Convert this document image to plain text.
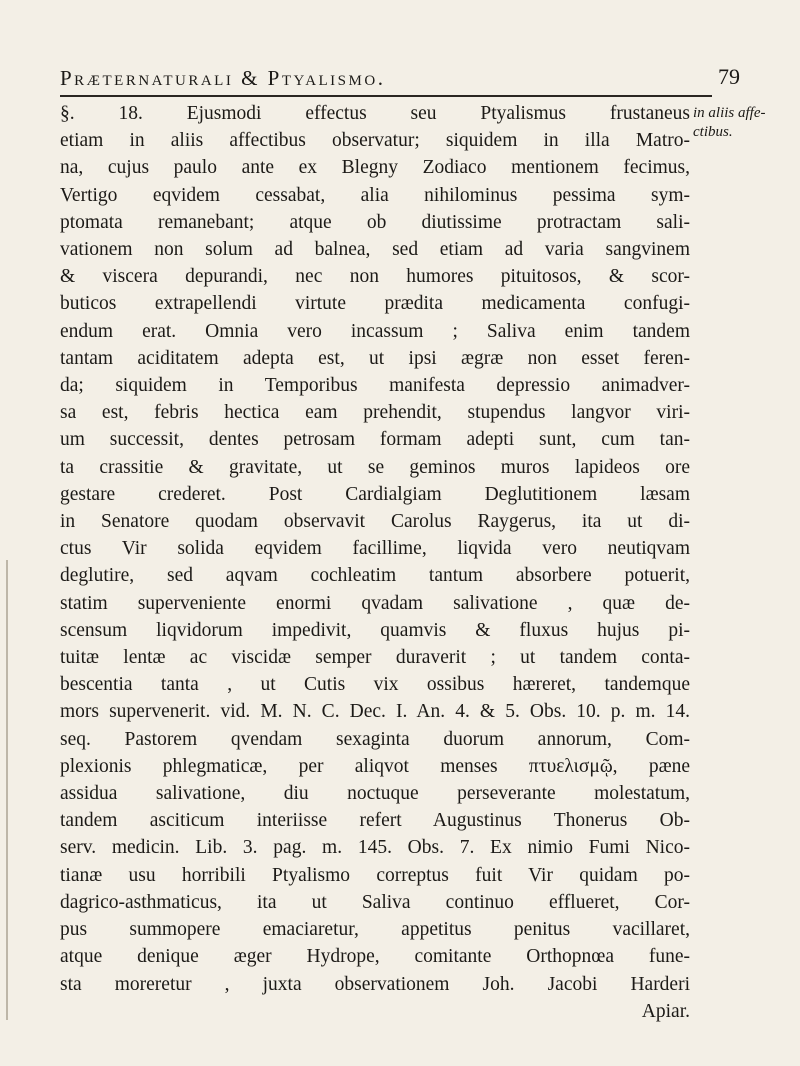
Præternaturali & Ptyalismo.	79
in aliis affe-
ctibus.
§. 18. Ejusmodi effectus seu Ptyalismus frustaneus
etiam in aliis affectibus observatur; siquidem in illa Matro-
na, cujus paulo ante ex Blegny Zodiaco mentionem fecimus,
Vertigo eqvidem cessabat, alia nihilominus pessima sym-
ptomata remanebant; atque ob diutissime protractam sali-
vationem non solum ad balnea, sed etiam ad varia sangvinem
& viscera depurandi, nec non humores pituitosos, & scor-
buticos extrapellendi virtute prædita medicamenta confugi-
endum erat. Omnia vero incassum ; Saliva enim tandem
tantam aciditatem adepta est, ut ipsi ægræ non esset feren-
da; siquidem in Temporibus manifesta depressio animadver-
sa est, febris hectica eam prehendit, stupendus langvor viri-
um successit, dentes petrosam formam adepti sunt, cum tan-
ta crassitie & gravitate, ut se geminos muros lapideos ore
gestare crederet. Post Cardialgiam Deglutitionem læsam
in Senatore quodam observavit Carolus Raygerus, ita ut di-
ctus Vir solida eqvidem facillime, liqvida vero neutiqvam
deglutire, sed aqvam cochleatim tantum absorbere potuerit,
statim superveniente enormi qvadam salivatione , quæ de-
scensum liqvidorum impedivit, quamvis & fluxus hujus pi-
tuitæ lentæ ac viscidæ semper duraverit ; ut tandem conta-
bescentia tanta , ut Cutis vix ossibus hæreret, tandemque
mors supervenerit. vid. M. N. C. Dec. I. An. 4. & 5. Obs. 10. p. m. 14.
seq. Pastorem qvendam sexaginta duorum annorum, Com-
plexionis phlegmaticæ, per aliqvot menses πτυελισμῷ, pæne
assidua salivatione, diu noctuque perseverante molestatum,
tandem asciticum interiisse refert Augustinus Thonerus Ob-
serv. medicin. Lib. 3. pag. m. 145. Obs. 7. Ex nimio Fumi Nico-
tianæ usu horribili Ptyalismo correptus fuit Vir quidam po-
dagrico-asthmaticus, ita ut Saliva continuo efflueret, Cor-
pus summopere emaciaretur, appetitus penitus vacillaret,
atque denique æger Hydrope, comitante Orthopnœa fune-
sta moreretur , juxta observationem Joh. Jacobi Harderi
Apiar.
